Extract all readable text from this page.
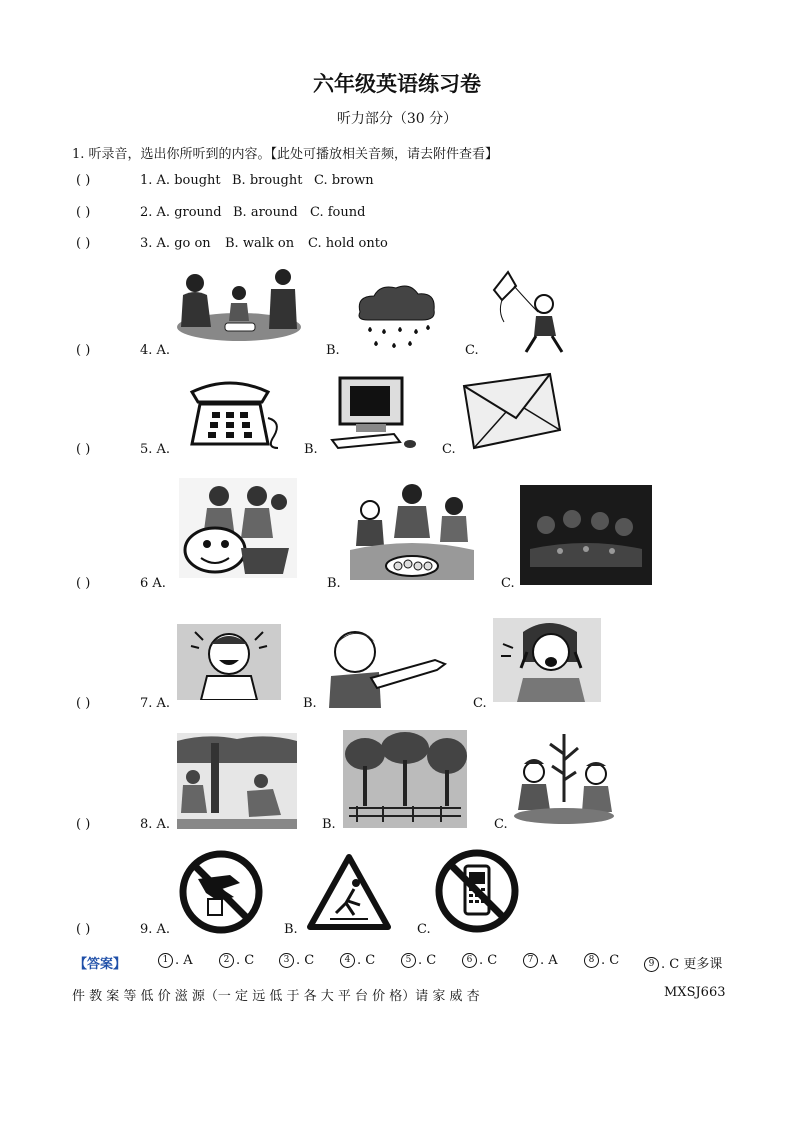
六年级英语练习卷
听力部分（30 分）
1. 听录音，选出你所听到的内容。【此处可播放相关音频，请去附件查看】
( )	1. A. bought B. brought C. brown
( )	2. A. ground B. around C. found
( )	3. A. go on B. walk on C. hold onto
( )	4. A.	B.	C.
( )	5. A.	B.	C.
( )	6 A.	B.	C.
( )	7. A.	B.	C.
( )	8. A.	B.	C.
( )	9. A.	B.	C.
【答案】	1 . A	2 . C	3 . C	4 . C	5 . C	6 . C	7 . A	8 . C	9 . C 更多课
件 教 案 等 低 价 滋 源（一 定 远 低 于 各 大 平 台 价 格）请 家 威 杏	MXSJ663
